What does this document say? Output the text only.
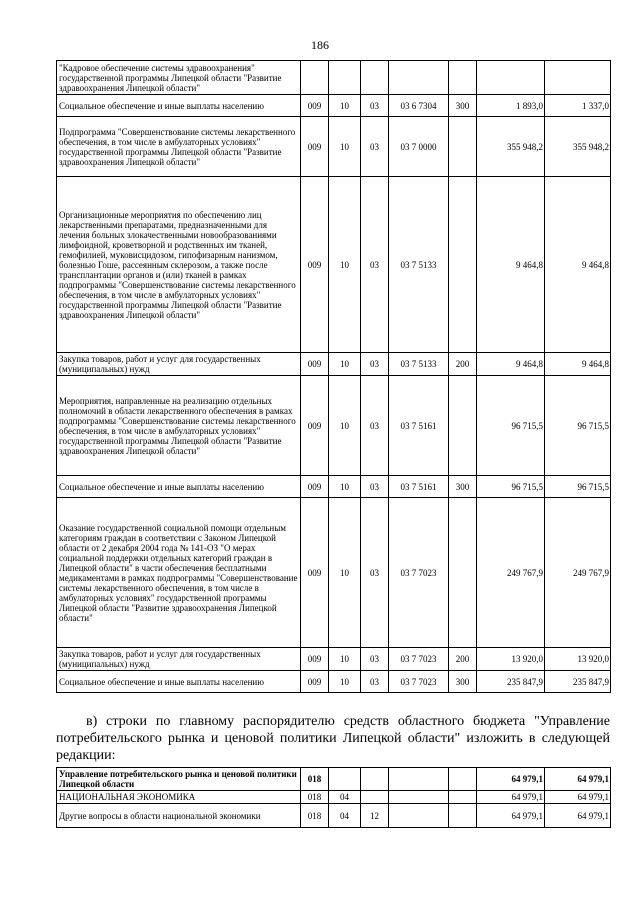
186
"Кадровое обеспечение системы здравоохранения" государственной программы Липецкой области "Развитие здравоохранения Липецкой области"							
Социальное обеспечение и иные выплаты населению	009	10	03	03 6 7304	300	1 893,0	1 337,0
Подпрограмма "Совершенствование системы лекарственного обеспечения, в том числе в амбулаторных условиях" государственной программы Липецкой области "Развитие здравоохранения Липецкой области"	009	10	03	03 7 0000		355 948,2	355 948,2
Организационные мероприятия по обеспечению лиц лекарственными препаратами, предназначенными для лечения больных злокачественными новообразованиями лимфоидной, кроветворной и родственных им тканей, гемофилией, муковисцидозом, гипофизарным нанизмом, болезнью Гоше, рассеянным склерозом, а также после трансплантации органов и (или) тканей в рамках подпрограммы "Совершенствование системы лекарственного обеспечения, в том числе в амбулаторных условиях" государственной программы Липецкой области "Развитие здравоохранения Липецкой области"	009	10	03	03 7 5133		9 464,8	9 464,8
Закупка товаров, работ и услуг для государственных (муниципальных) нужд	009	10	03	03 7 5133	200	9 464,8	9 464,8
Мероприятия, направленные на реализацию отдельных полномочий в области лекарственного обеспечения в рамках подпрограммы "Совершенствование системы лекарственного обеспечения, в том числе в амбулаторных условиях" государственной программы Липецкой области "Развитие здравоохранения Липецкой области"	009	10	03	03 7 5161		96 715,5	96 715,5
Социальное обеспечение и иные выплаты населению	009	10	03	03 7 5161	300	96 715,5	96 715,5
Оказание государственной социальной помощи отдельным категориям граждан в соответствии с Законом Липецкой области от 2 декабря 2004 года № 141-ОЗ "О мерах социальной поддержки отдельных категорий граждан в Липецкой области" в части обеспечения бесплатными медикаментами в рамках подпрограммы "Совершенствование системы лекарственного обеспечения, в том числе в амбулаторных условиях" государственной программы Липецкой области "Развитие здравоохранения Липецкой области"	009	10	03	03 7 7023		249 767,9	249 767,9
Закупка товаров, работ и услуг для государственных (муниципальных) нужд	009	10	03	03 7 7023	200	13 920,0	13 920,0
Социальное обеспечение и иные выплаты населению	009	10	03	03 7 7023	300	235 847,9	235 847,9
в) строки по главному распорядителю средств областного бюджета "Управление потребительского рынка и ценовой политики Липецкой области" изложить в следующей редакции:
Управление потребительского рынка и ценовой политики Липецкой области	018					64 979,1	64 979,1
НАЦИОНАЛЬНАЯ ЭКОНОМИКА	018	04				64 979,1	64 979,1
Другие вопросы в области национальной экономики	018	04	12			64 979,1	64 979,1
